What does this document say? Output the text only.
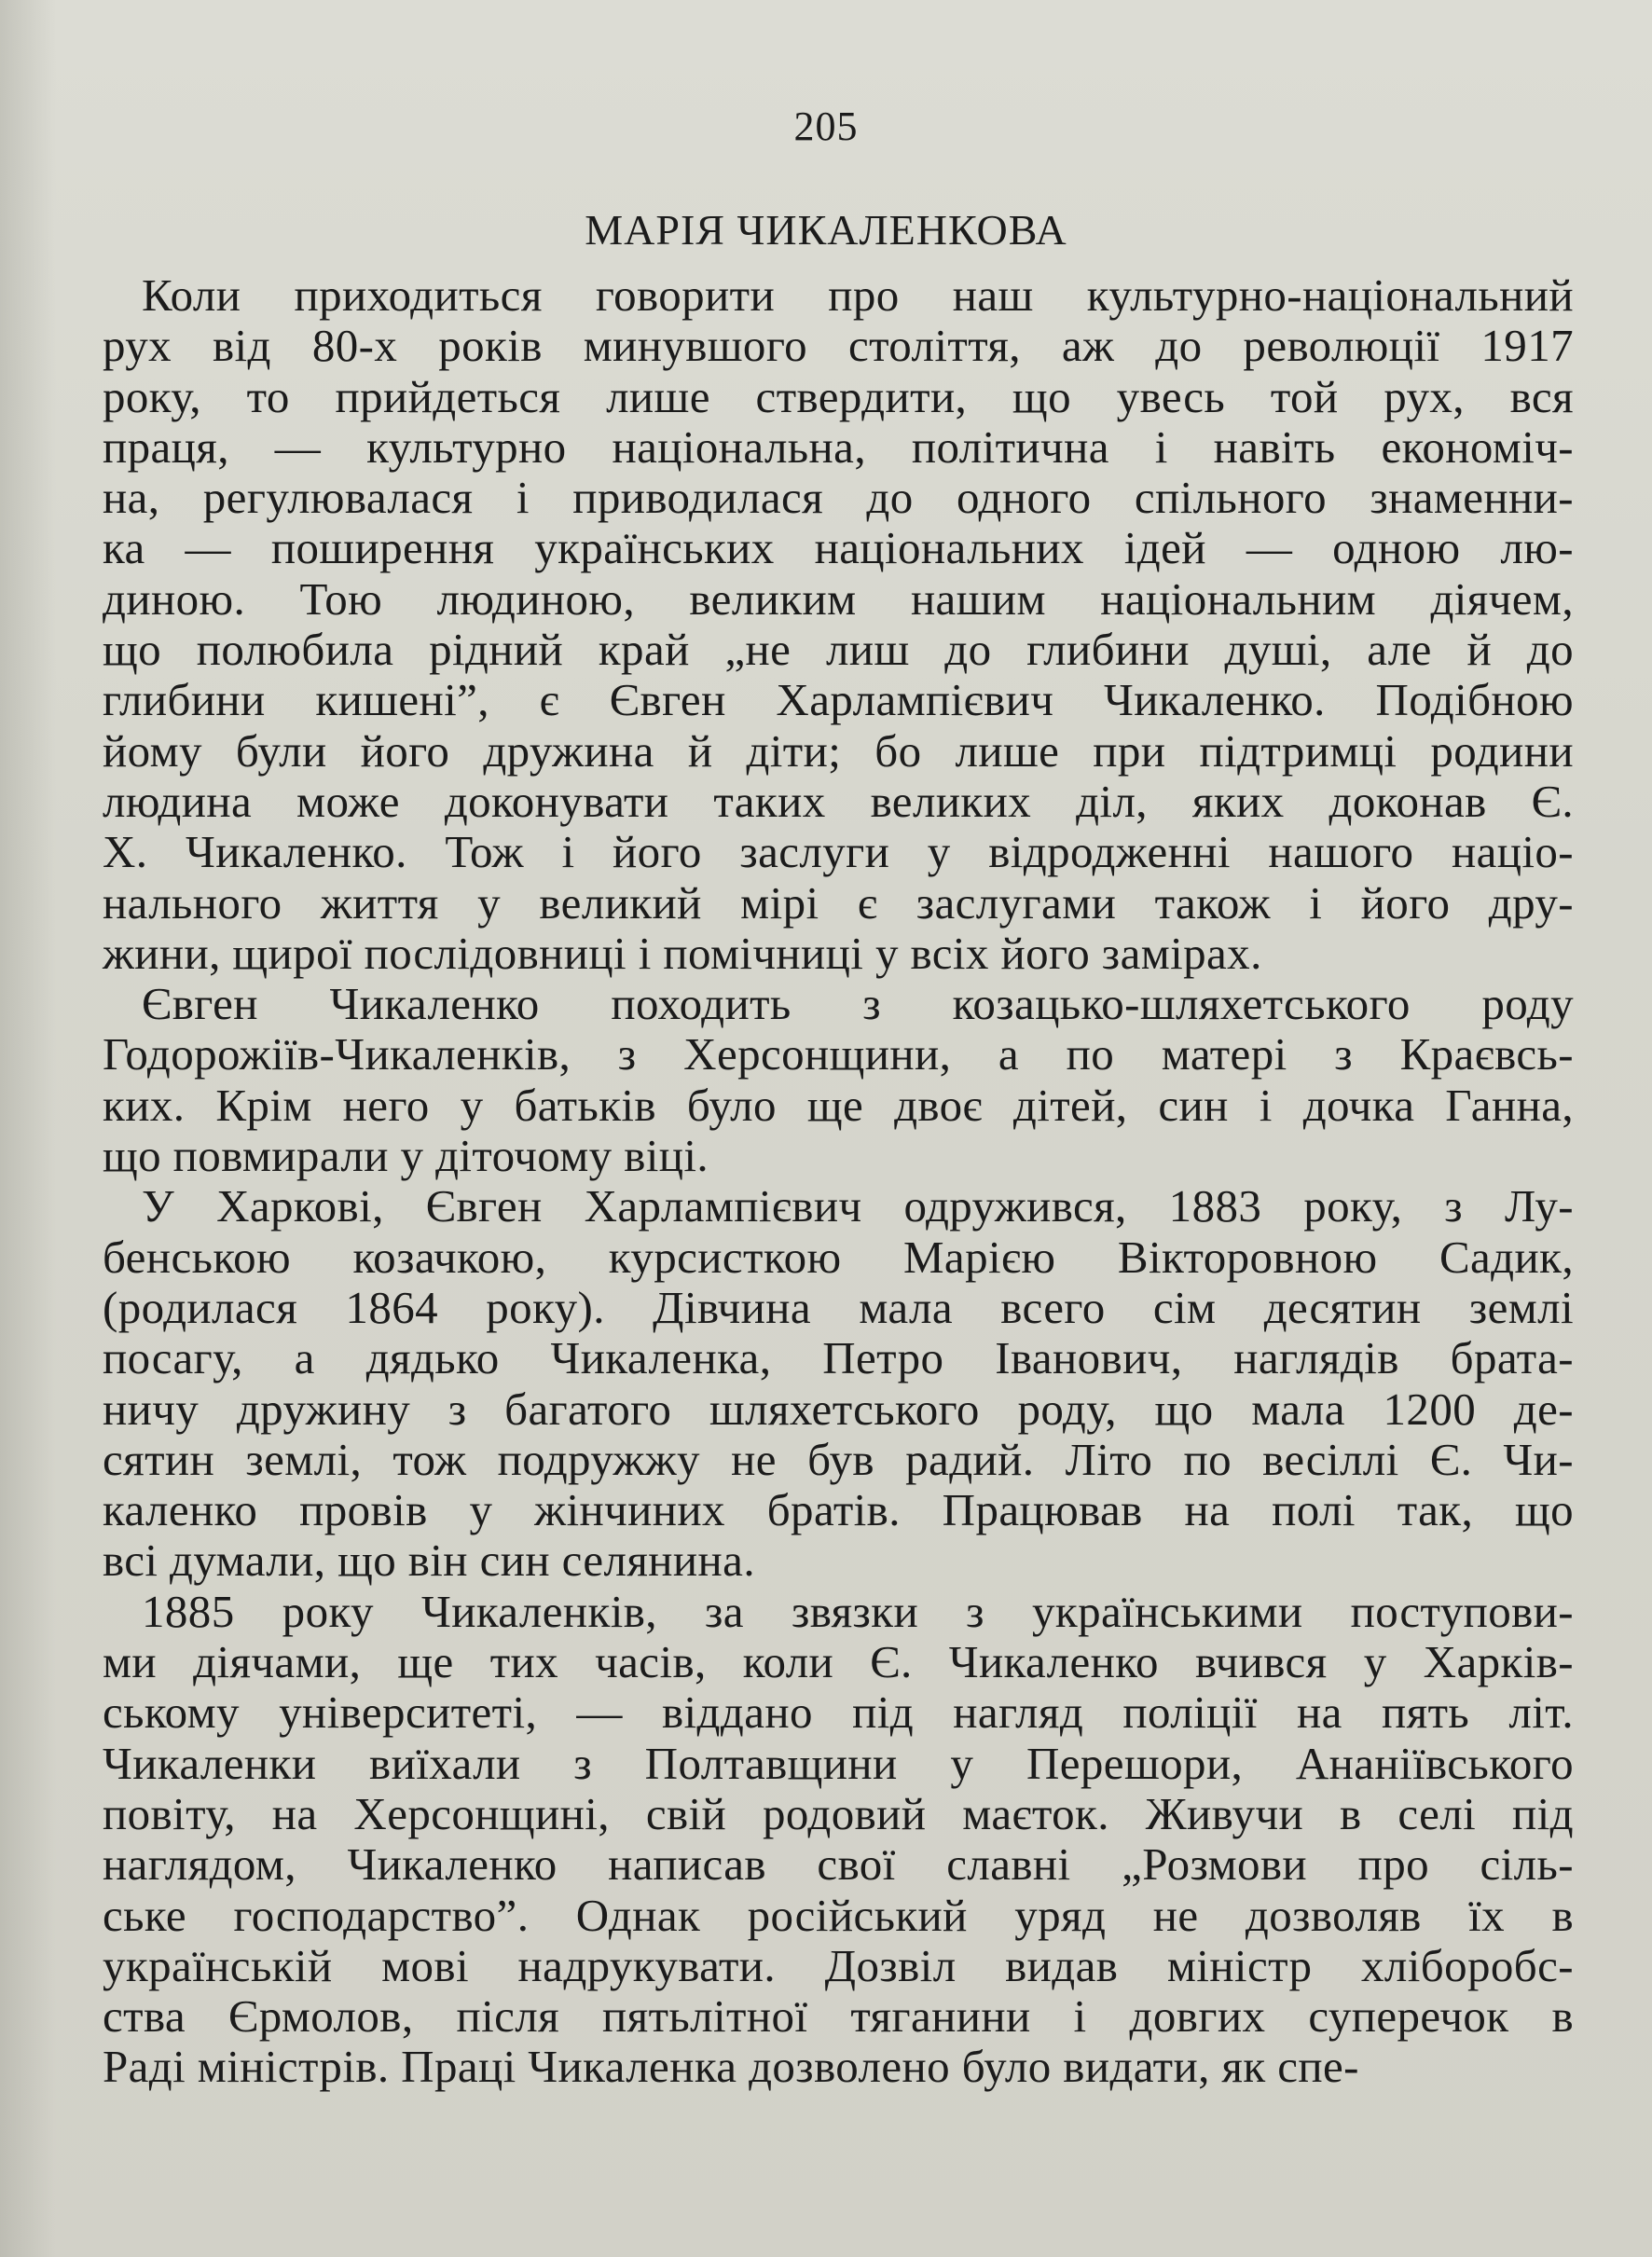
205
МАРІЯ ЧИКАЛЕНКОВА
Коли приходиться говорити про наш культурно-національний
рух від 80-х років минувшого століття, аж до революції 1917
року, то прийдеться лише ствердити, що увесь той рух, вся
праця, — культурно національна, політична і навіть економіч-
на, регулювалася і приводилася до одного спільного знаменни-
ка — поширення українських національних ідей — одною лю-
диною. Тою людиною, великим нашим національним діячем,
що полюбила рідний край „не лиш до глибини душі, але й до
глибини кишені”, є Євген Харлампієвич Чикаленко. Подібною
йому були його дружина й діти; бо лише при підтримці родини
людина може доконувати таких великих діл, яких доконав Є.
Х. Чикаленко. Тож і його заслуги у відродженні нашого націо-
нального життя у великий мірі є заслугами також і його дру-
жини, щирої послідовниці і помічниці у всіх його замірах.
Євген Чикаленко походить з козацько-шляхетського роду
Годорожіїв-Чикаленків, з Херсонщини, а по матері з Краєвсь-
ких. Крім него у батьків було ще двоє дітей, син і дочка Ганна,
що повмирали у діточому віці.
У Харкові, Євген Харлампієвич одружився, 1883 року, з Лу-
бенською козачкою, курсисткою Марією Вікторовною Садик,
(родилася 1864 року). Дівчина мала всего сім десятин землі
посагу, а дядько Чикаленка, Петро Іванович, наглядів брата-
ничу дружину з багатого шляхетського роду, що мала 1200 де-
сятин землі, тож подружжу не був радий. Літо по весіллі Є. Чи-
каленко провів у жінчиних братів. Працював на полі так, що
всі думали, що він син селянина.
1885 року Чикаленків, за звязки з українськими поступови-
ми діячами, ще тих часів, коли Є. Чикаленко вчився у Харків-
ському університеті, — віддано під нагляд поліції на пять літ.
Чикаленки виїхали з Полтавщини у Перешори, Ананіївського
повіту, на Херсонщині, свій родовий маєток. Живучи в селі під
наглядом, Чикаленко написав свої славні „Розмови про сіль-
ське господарство”. Однак російський уряд не дозволяв їх в
українській мові надрукувати. Дозвіл видав міністр хліборобс-
ства Єрмолов, після пятьлітної тяганини і довгих суперечок в
Раді міністрів. Праці Чикаленка дозволено було видати, як спе-
